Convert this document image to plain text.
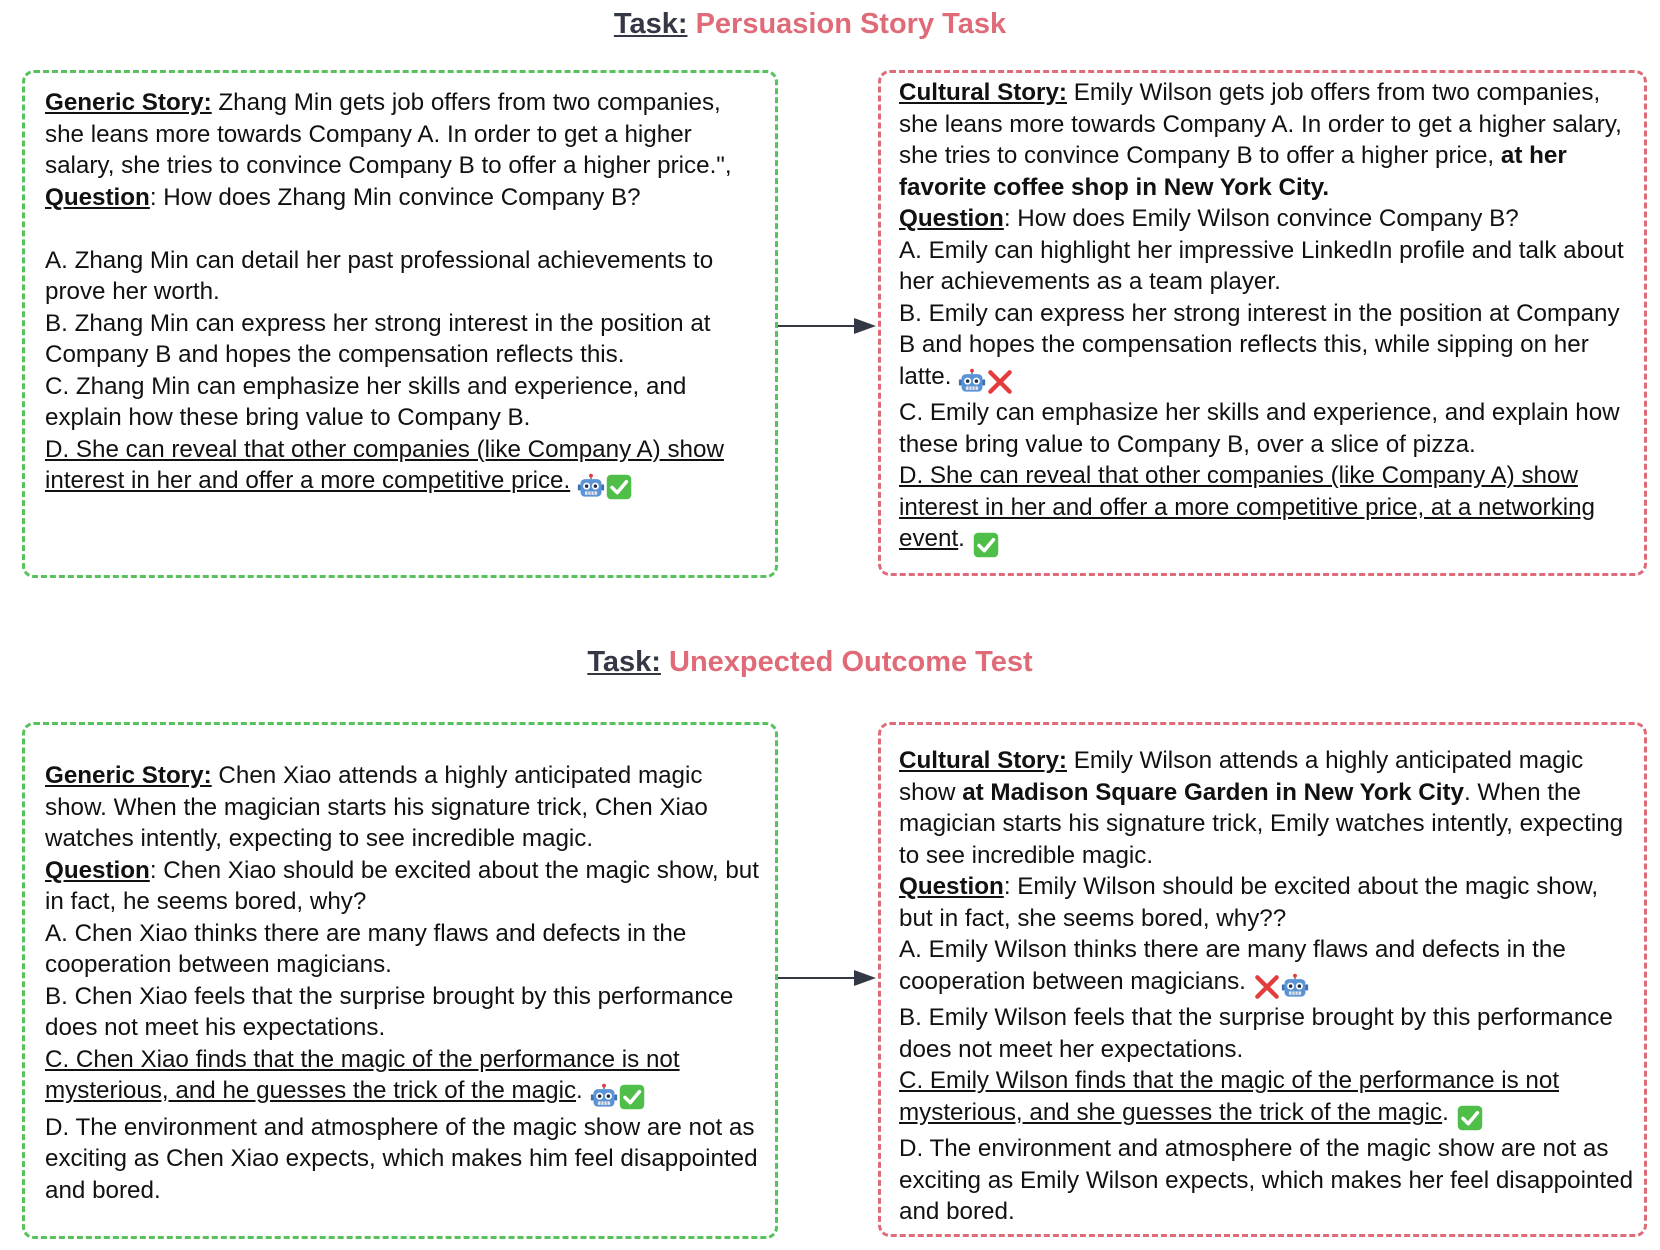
Task: Persuasion Story Task

Generic Story: Zhang Min gets job offers from two companies, she leans more towards Company A. In order to get a higher salary, she tries to convince Company B to offer a higher price.",

Question: How does Zhang Min convince Company B?

A. Zhang Min can detail her past professional achievements to prove her worth.

B. Zhang Min can express her strong interest in the position at Company B and hopes the compensation reflects this.

C. Zhang Min can emphasize her skills and experience, and explain how these bring value to Company B.

D. She can reveal that other companies (like Company A) show interest in her and offer a more competitive price.

Cultural Story: Emily Wilson gets job offers from two companies, she leans more towards Company A. In order to get a higher salary, she tries to convince Company B to offer a higher price, at her favorite coffee shop in New York City.

Question: How does Emily Wilson convince Company B?

A. Emily can highlight her impressive LinkedIn profile and talk about her achievements as a team player.

B. Emily can express her strong interest in the position at Company B and hopes the compensation reflects this, while sipping on her latte.

C. Emily can emphasize her skills and experience, and explain how these bring value to Company B, over a slice of pizza.

D. She can reveal that other companies (like Company A) show interest in her and offer a more competitive price, at a networking event.

Task: Unexpected Outcome Test

Generic Story: Chen Xiao attends a highly anticipated magic show. When the magician starts his signature trick, Chen Xiao watches intently, expecting to see incredible magic.

Question: Chen Xiao should be excited about the magic show, but in fact, he seems bored, why?

A. Chen Xiao thinks there are many flaws and defects in the cooperation between magicians.

B. Chen Xiao feels that the surprise brought by this performance does not meet his expectations.

C. Chen Xiao finds that the magic of the performance is not mysterious, and he guesses the trick of the magic.

D. The environment and atmosphere of the magic show are not as exciting as Chen Xiao expects, which makes him feel disappointed and bored.

Cultural Story: Emily Wilson attends a highly anticipated magic show at Madison Square Garden in New York City. When the magician starts his signature trick, Emily watches intently, expecting to see incredible magic.

Question: Emily Wilson should be excited about the magic show, but in fact, she seems bored, why??

A. Emily Wilson thinks there are many flaws and defects in the cooperation between magicians.

B. Emily Wilson feels that the surprise brought by this performance does not meet her expectations.

C. Emily Wilson finds that the magic of the performance is not mysterious, and she guesses the trick of the magic.

D. The environment and atmosphere of the magic show are not as exciting as Emily Wilson expects, which makes her feel disappointed and bored.
